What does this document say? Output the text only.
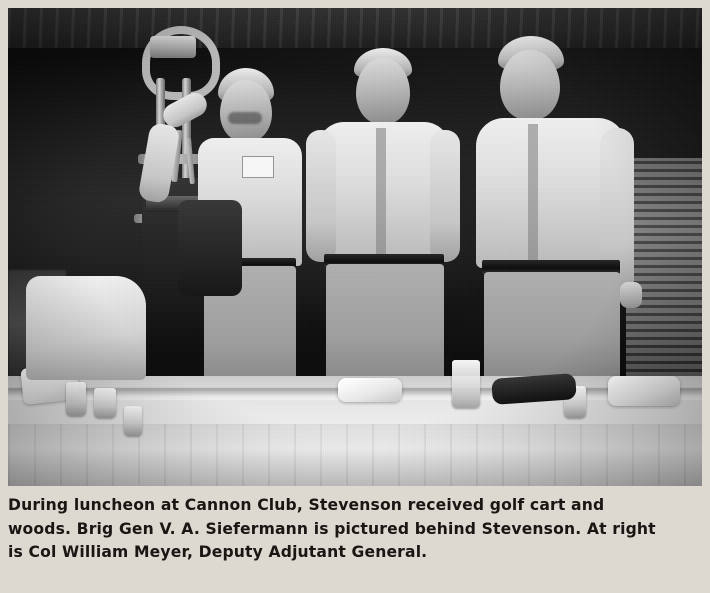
During luncheon at Cannon Club, Stevenson received golf cart and
woods. Brig Gen V. A. Siefermann is pictured behind Stevenson. At right
is Col William Meyer, Deputy Adjutant General.
